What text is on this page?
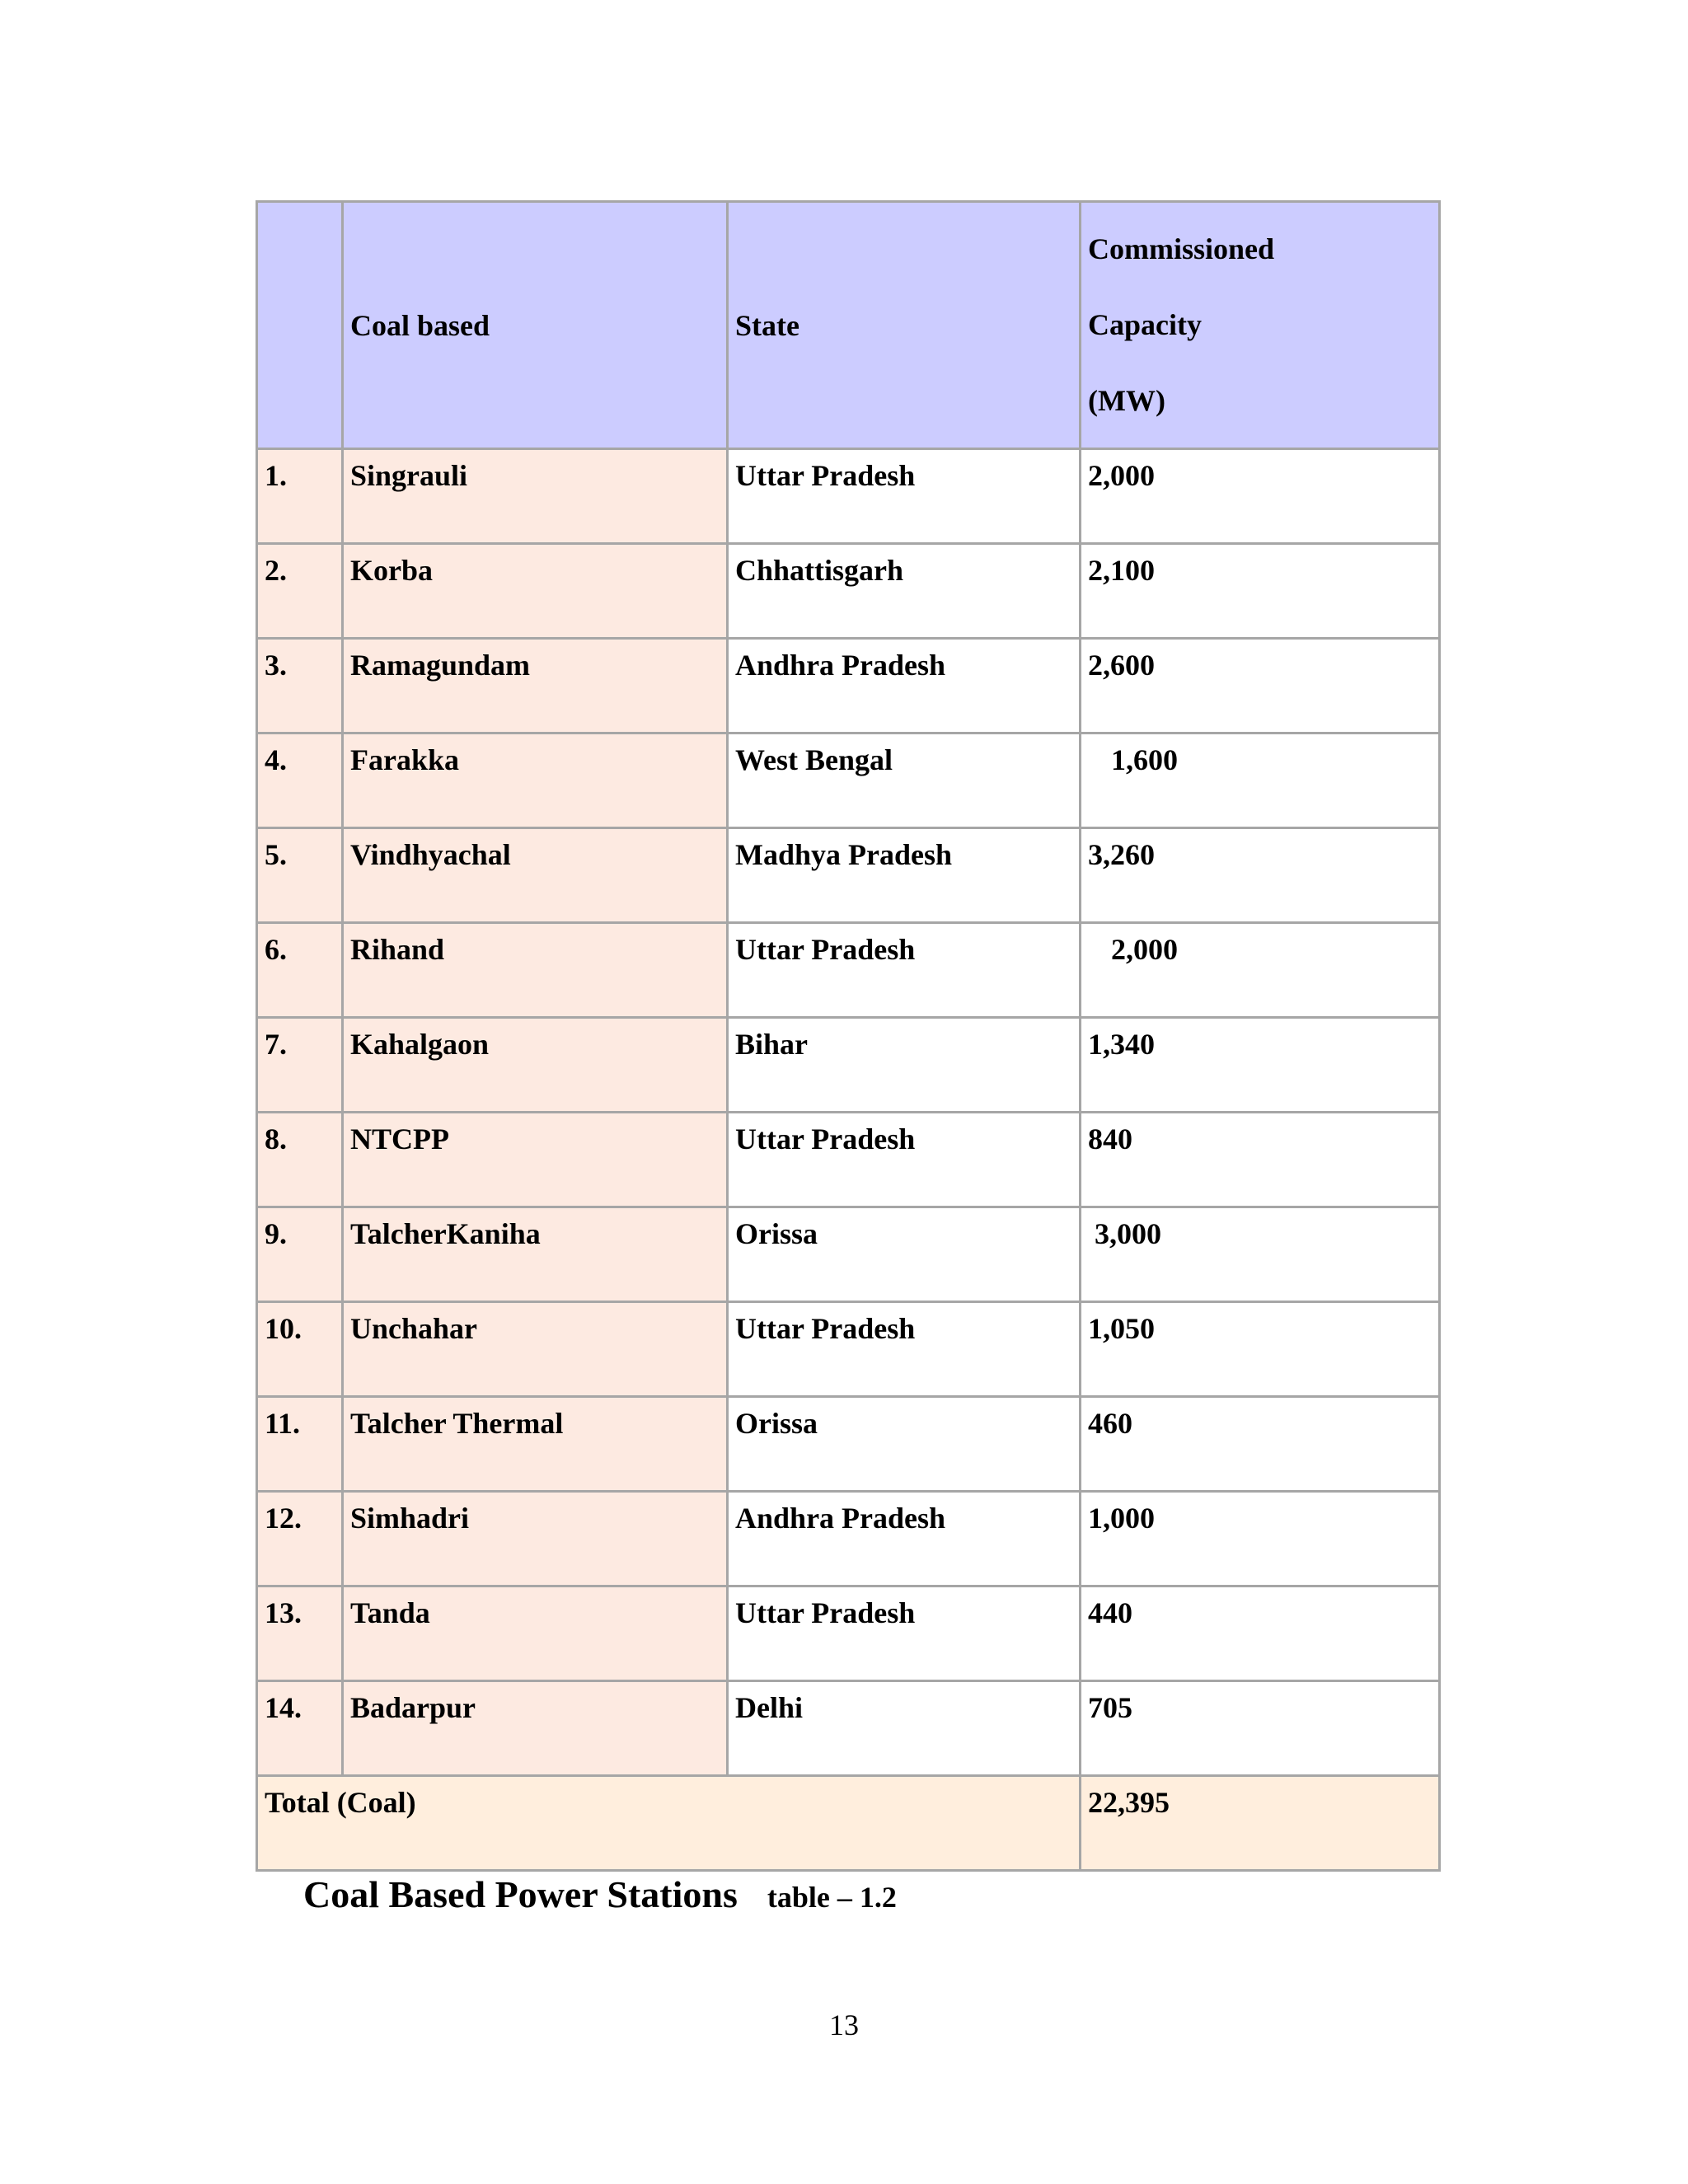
	Coal based	State	Commissioned
Capacity
(MW)

1.	Singrauli	Uttar Pradesh	2,000
2.	Korba	Chhattisgarh	2,100
3.	Ramagundam	Andhra Pradesh	2,600
4.	Farakka	West Bengal	1,600
5.	Vindhyachal	Madhya Pradesh	3,260
6.	Rihand	Uttar Pradesh	2,000
7.	Kahalgaon	Bihar	1,340
8.	NTCPP	Uttar Pradesh	840
9.	TalcherKaniha	Orissa	3,000
10.	Unchahar	Uttar Pradesh	1,050
11.	Talcher Thermal	Orissa	460
12.	Simhadri	Andhra Pradesh	1,000
13.	Tanda	Uttar Pradesh	440
14.	Badarpur	Delhi	705
Total (Coal)			22,395
Coal Based Power Stations table – 1.2
13
